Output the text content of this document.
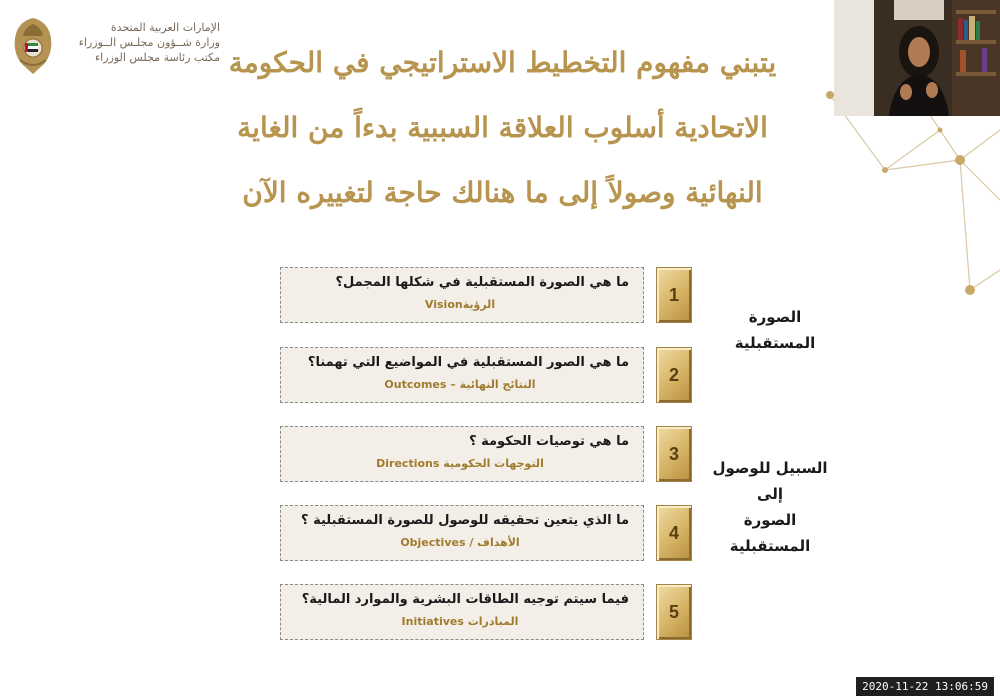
الإمارات العربية المتحدة
وزارة شــؤون مجلـس الــوزراء
مكتب رئاسة مجلس الوزراء يتبني مفهوم التخطيط الاستراتيجي في الحكومة
الاتحادية أسلوب العلاقة السببية بدءاً من الغاية
النهائية وصولاً إلى ما هنالك حاجة لتغييره الآن
ما هي الصورة المستقبلية في شكلها المجمل؟
الرؤيةVision	1
ما هي الصور المستقبلية في المواضيع التي تهمنا؟
النتائج النهائية – Outcomes	2
ما هي توصيات الحكومة ؟
التوجهات الحكومية Directions	3
ما الذي يتعين تحقيقه للوصول للصورة المستقبلية ؟
الأهداف / Objectives	4
فيما سيتم توجيه الطاقات البشرية والموارد المالية؟
المبادرات Initiatives	5
الصورة
المستقبلية
السبيل للوصول
إلى
الصورة
المستقبلية
2020-11-22 13:06:59
